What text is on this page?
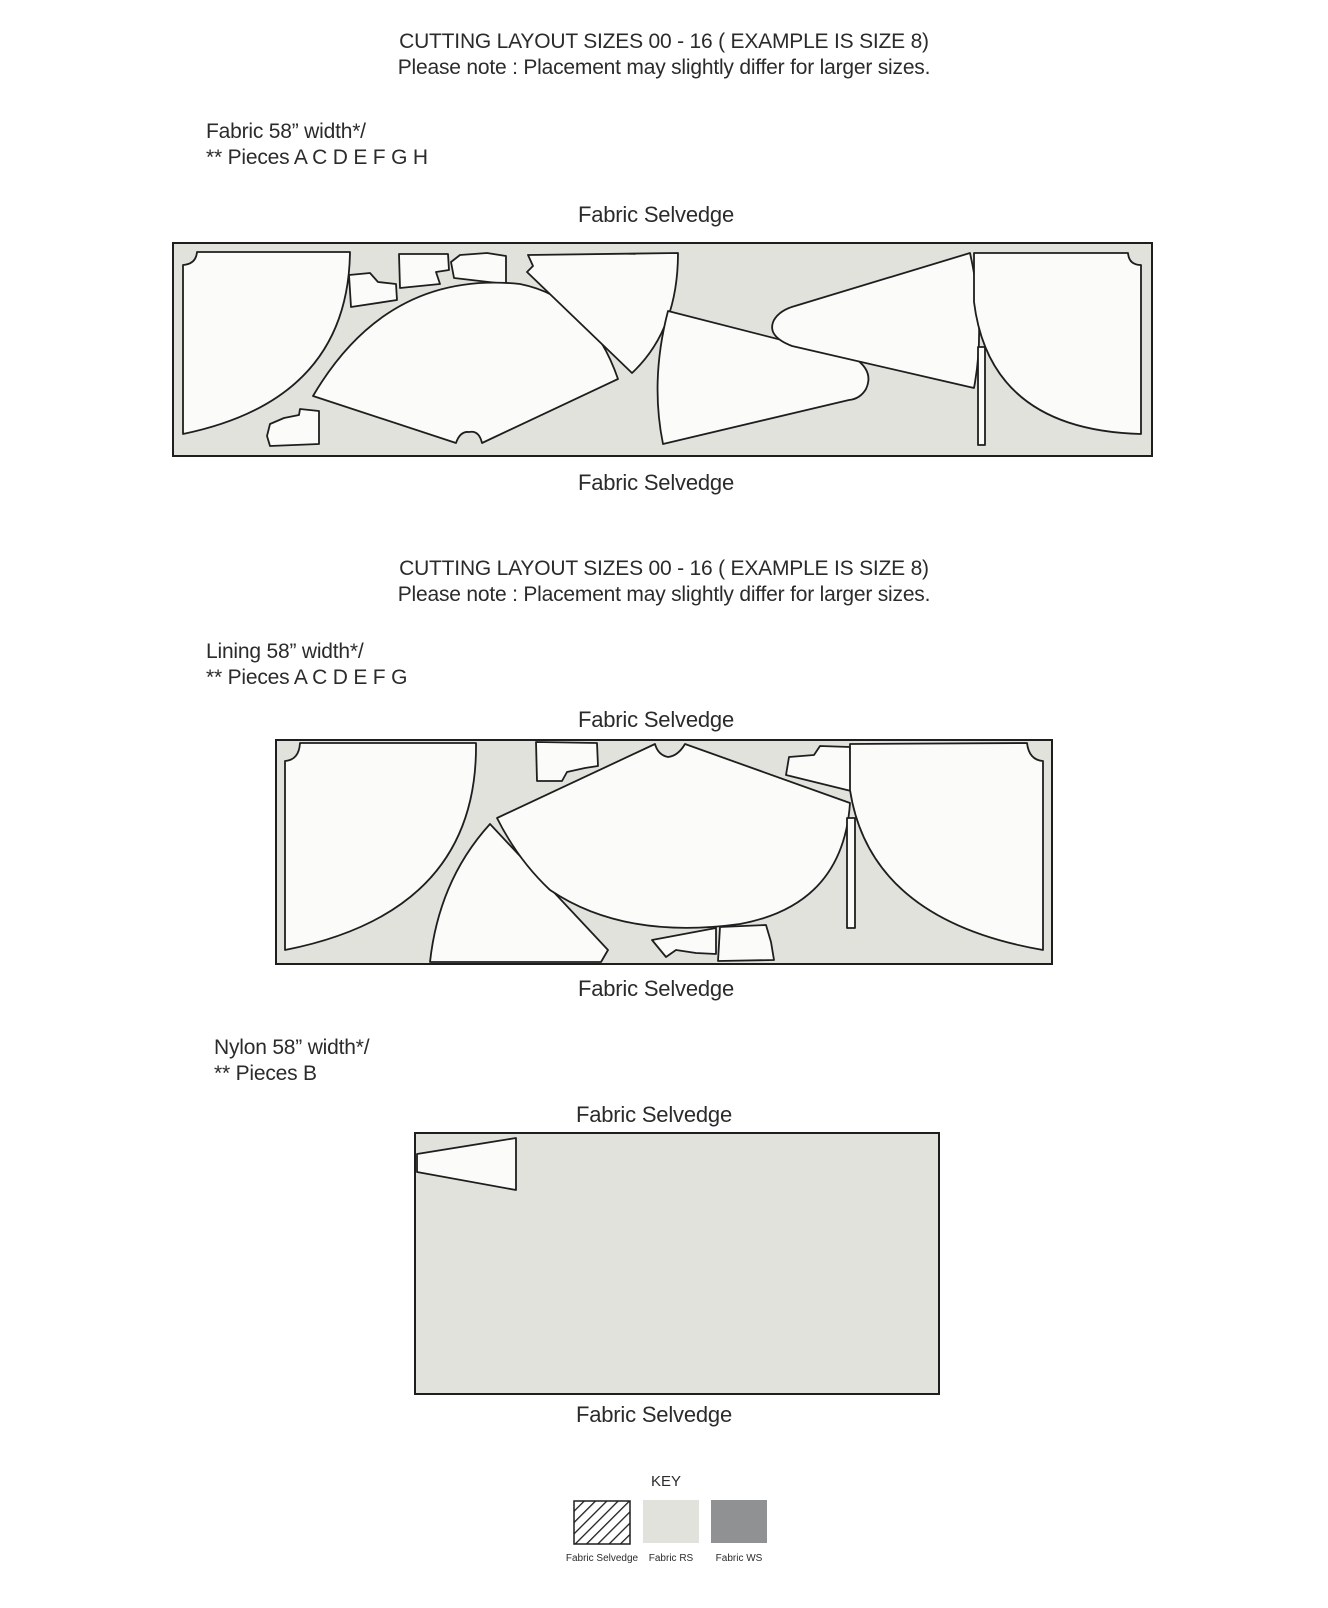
CUTTING LAYOUT SIZES 00 - 16 ( EXAMPLE IS SIZE 8)
Please note : Placement may slightly differ for larger sizes.
Fabric 58” width*/
** Pieces A C D E F G H
Fabric Selvedge
Fabric Selvedge
CUTTING LAYOUT SIZES 00 - 16 ( EXAMPLE IS SIZE 8)
Please note : Placement may slightly differ for larger sizes.
Lining 58” width*/
** Pieces A C D E F G
Fabric Selvedge
Fabric Selvedge
Nylon 58” width*/
** Pieces B
Fabric Selvedge
Fabric Selvedge
KEY
Fabric Selvedge	Fabric RS	Fabric WS
